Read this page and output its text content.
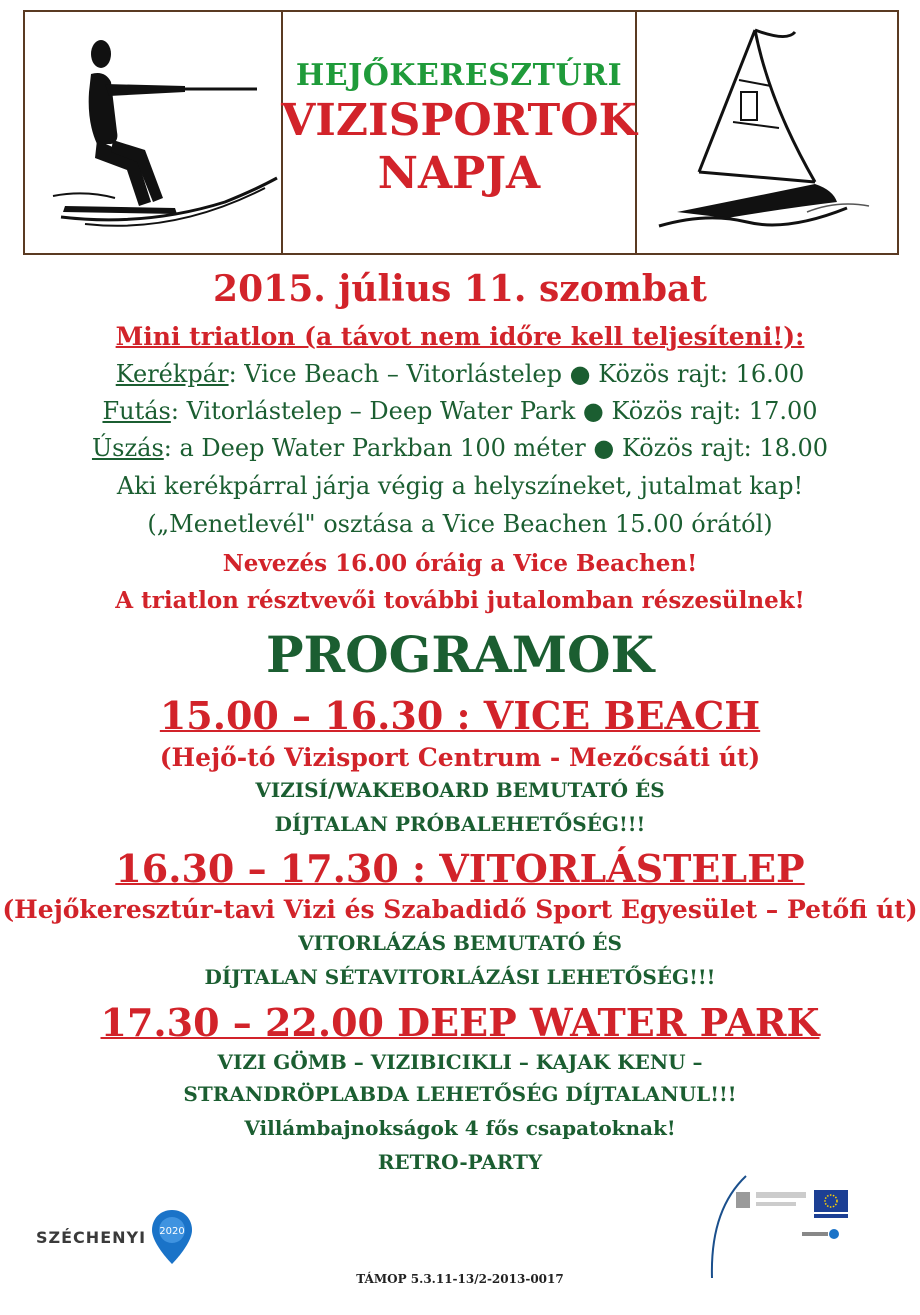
HEJŐKERESZTÚRI
VIZISPORTOK
NAPJA
2015. július 11. szombat
Mini triatlon (a távot nem időre kell teljesíteni!):
Kerékpár: Vice Beach – Vitorlástelep ● Közös rajt: 16.00
Futás: Vitorlástelep – Deep Water Park ● Közös rajt: 17.00
Úszás: a Deep Water Parkban 100 méter ● Közös rajt: 18.00
Aki kerékpárral járja végig a helyszíneket, jutalmat kap!
(„Menetlevél" osztása a Vice Beachen 15.00 órától)
Nevezés 16.00 óráig a Vice Beachen!
A triatlon résztvevői további jutalomban részesülnek!
PROGRAMOK
15.00 – 16.30 : VICE BEACH
(Hejő-tó Vizisport Centrum - Mezőcsáti út)
VIZISÍ/WAKEBOARD BEMUTATÓ ÉS
DÍJTALAN PRÓBALEHETŐSÉG!!!
16.30 – 17.30 : VITORLÁSTELEP
(Hejőkeresztúr-tavi Vizi és Szabadidő Sport Egyesület – Petőfi út)
VITORLÁZÁS BEMUTATÓ ÉS
DÍJTALAN SÉTAVITORLÁZÁSI LEHETŐSÉG!!!
17.30 – 22.00 DEEP WATER PARK
VIZI GÖMB – VIZIBICIKLI – KAJAK KENU –
STRANDRÖPLABDA LEHETŐSÉG DÍJTALANUL!!!
Villámbajnokságok 4 fős csapatoknak!
RETRO-PARTY
SZÉCHENYI 2020
TÁMOP 5.3.11-13/2-2013-0017
